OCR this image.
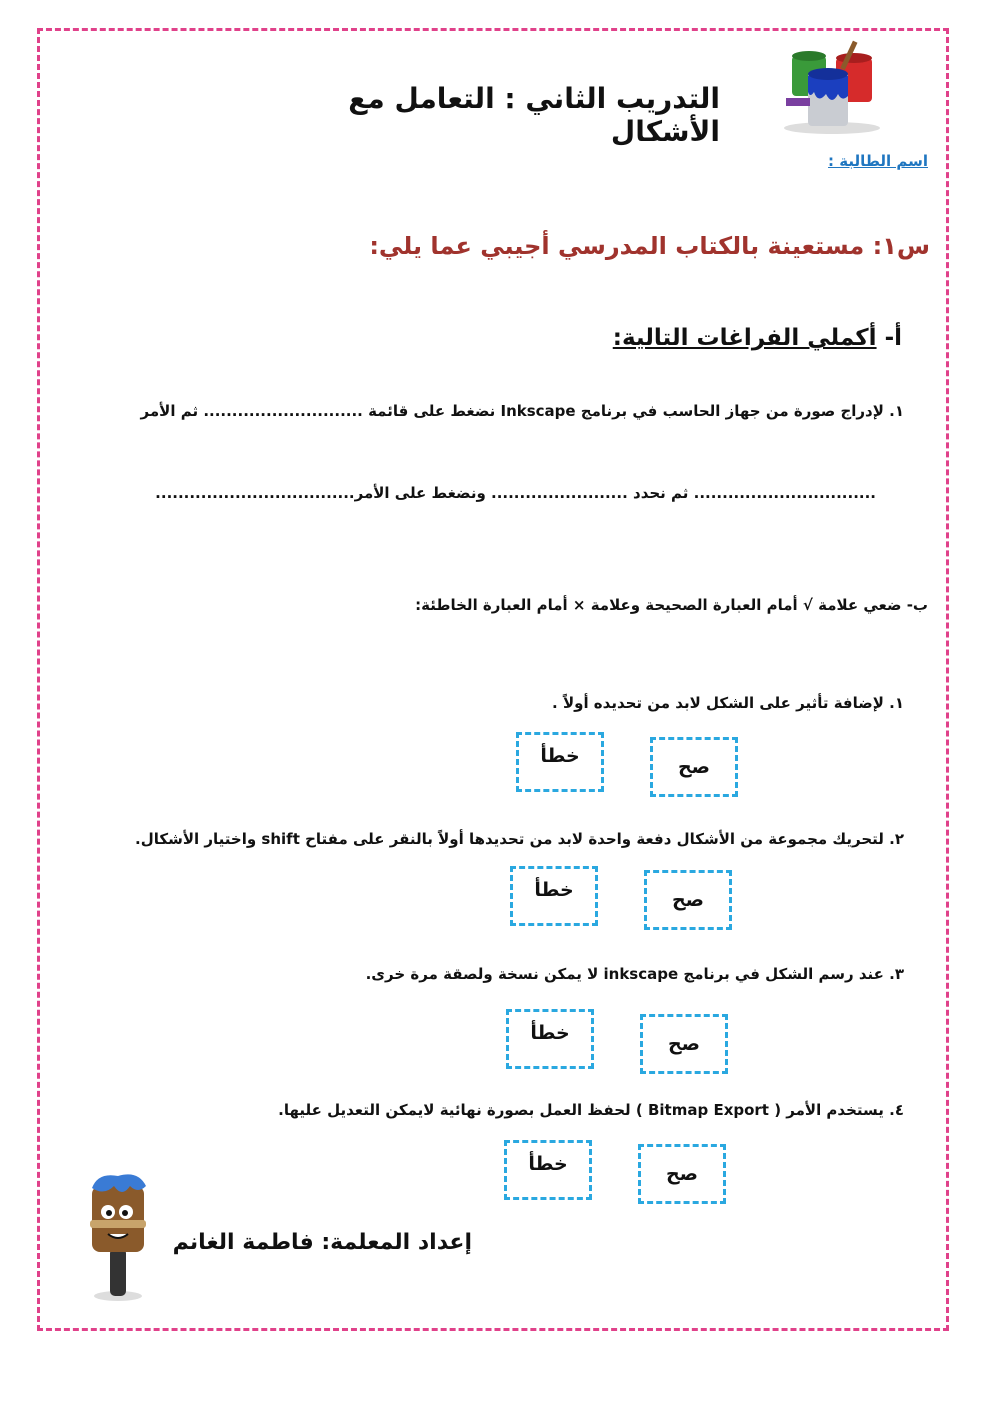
التدريب الثاني : التعامل مع الأشكال
اسم الطالبة :
س١: مستعينة بالكتاب المدرسي أجيبي عما يلي:
أ- أكملي الفراغات التالية:
١. لإدراج صورة من جهاز الحاسب في برنامج Inkscape نضغط على قائمة ............................ ثم الأمر
................................ ثم نحدد ........................ ونضغط على الأمر...................................
ب- ضعي علامة √ أمام العبارة الصحيحة وعلامة × أمام العبارة الخاطئة:
١. لإضافة تأثير على الشكل لابد من تحديده أولاً .
صح
خطأ
٢. لتحريك مجموعة من الأشكال دفعة واحدة لابد من تحديدها أولاً بالنقر على مفتاح shift واختيار الأشكال.
صح
خطأ
٣. عند رسم الشكل في برنامج inkscape لا يمكن نسخة ولصقة مرة خرى.
صح
خطأ
٤. يستخدم الأمر ( Bitmap Export ) لحفظ العمل بصورة نهائية لايمكن التعديل عليها.
صح
خطأ
إعداد المعلمة: فاطمة الغانم
